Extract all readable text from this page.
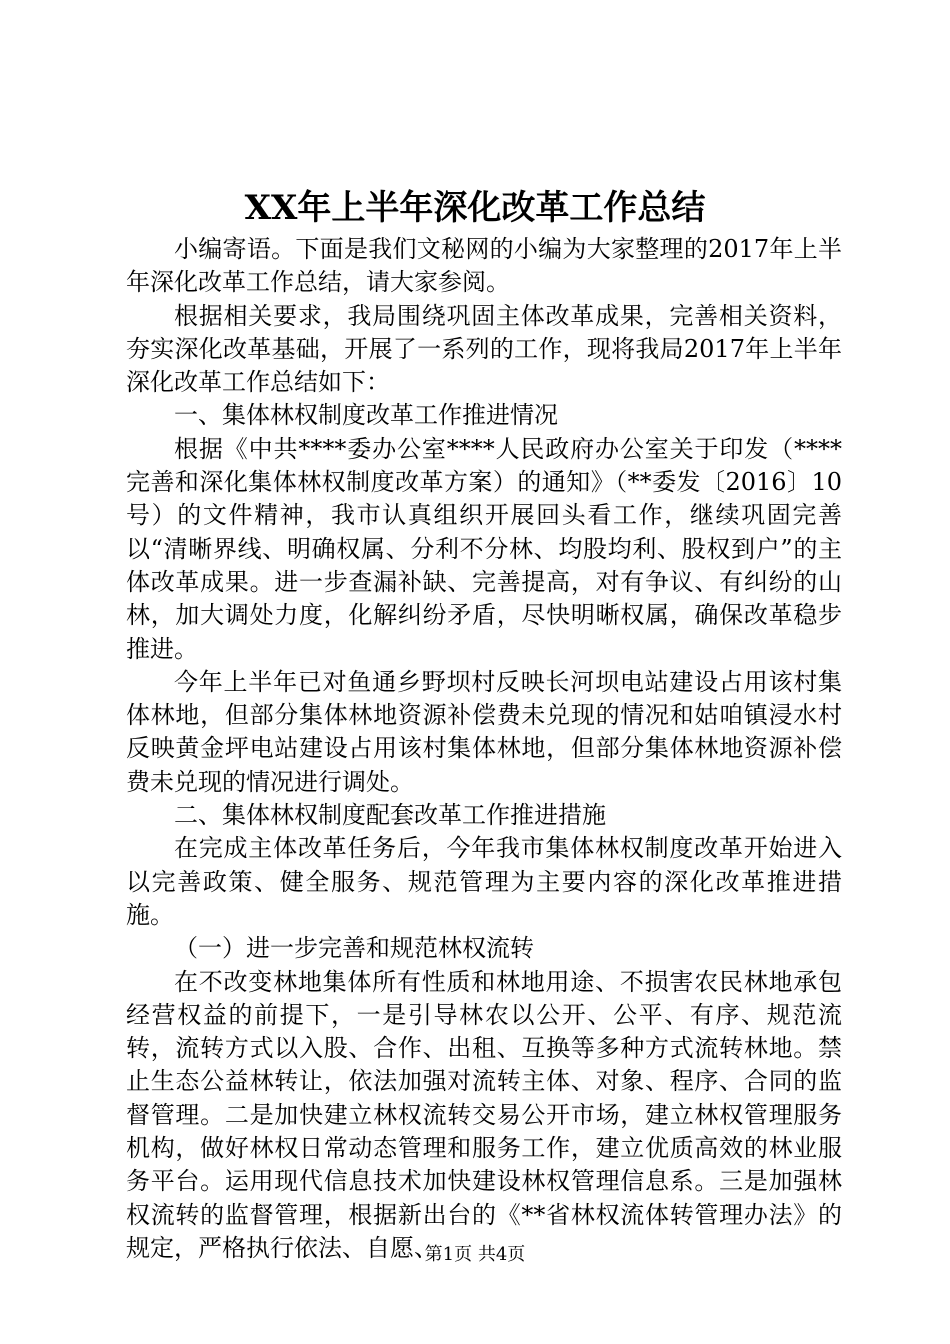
XX年上半年深化改革工作总结

小编寄语。下面是我们文秘网的小编为大家整理的2017年上半年深化改革工作总结，请大家参阅。

根据相关要求，我局围绕巩固主体改革成果，完善相关资料，夯实深化改革基础，开展了一系列的工作，现将我局2017年上半年深化改革工作总结如下：

一、集体林权制度改革工作推进情况

根据《中共****委办公室****人民政府办公室关于印发（****完善和深化集体林权制度改革方案）的通知》（**委发〔2016〕10号）的文件精神，我市认真组织开展回头看工作，继续巩固完善以“清晰界线、明确权属、分利不分林、均股均利、股权到户”的主体改革成果。进一步查漏补缺、完善提高，对有争议、有纠纷的山林，加大调处力度，化解纠纷矛盾，尽快明晰权属，确保改革稳步推进。

今年上半年已对鱼通乡野坝村反映长河坝电站建设占用该村集体林地，但部分集体林地资源补偿费未兑现的情况和姑咱镇浸水村反映黄金坪电站建设占用该村集体林地，但部分集体林地资源补偿费未兑现的情况进行调处。

二、集体林权制度配套改革工作推进措施

在完成主体改革任务后，今年我市集体林权制度改革开始进入以完善政策、健全服务、规范管理为主要内容的深化改革推进措施。

（一）进一步完善和规范林权流转

在不改变林地集体所有性质和林地用途、不损害农民林地承包经营权益的前提下，一是引导林农以公开、公平、有序、规范流转，流转方式以入股、合作、出租、互换等多种方式流转林地。禁止生态公益林转让，依法加强对流转主体、对象、程序、合同的监督管理。二是加快建立林权流转交易公开市场，建立林权管理服务机构，做好林权日常动态管理和服务工作，建立优质高效的林业服务平台。运用现代信息技术加快建设林权管理信息系。三是加强林权流转的监督管理，根据新出台的《**省林权流体转管理办法》的规定，严格执行依法、自愿、

第1页 共4页
